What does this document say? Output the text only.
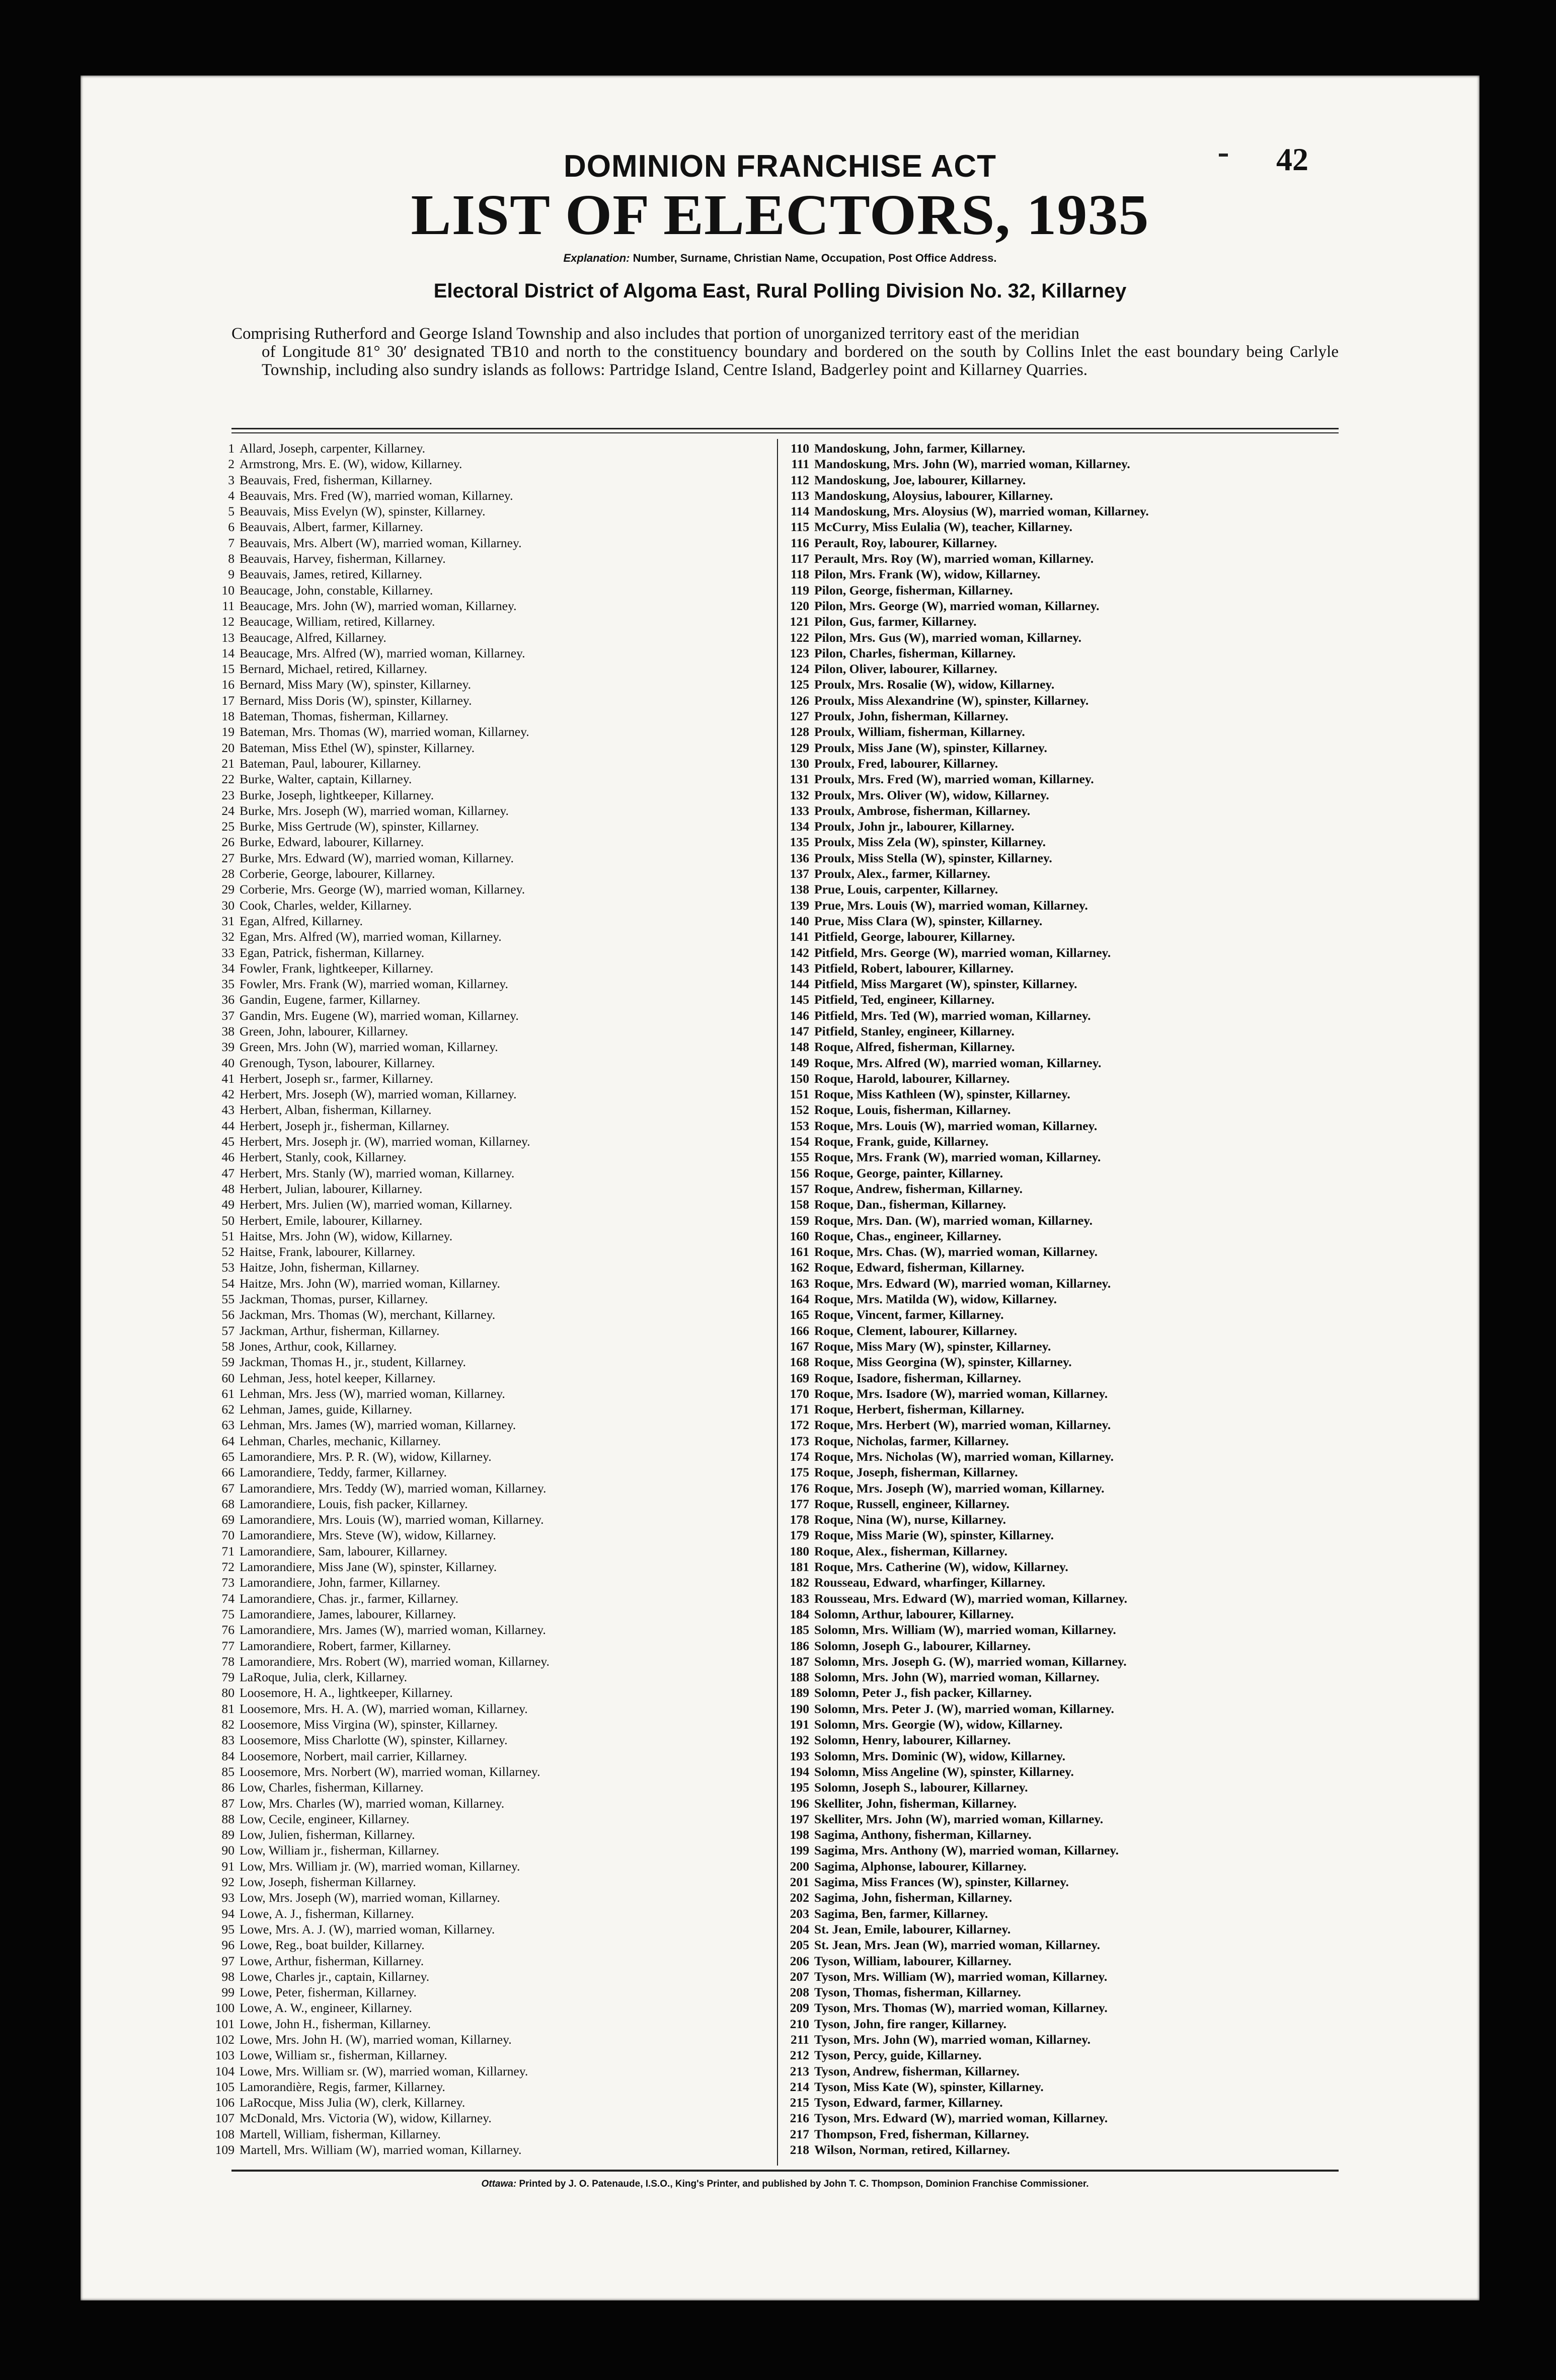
42

DOMINION FRANCHISE ACT

LIST OF ELECTORS, 1935

Explanation: Number, Surname, Christian Name, Occupation, Post Office Address.

Electoral District of Algoma East, Rural Polling Division No. 32, Killarney

Comprising Rutherford and George Island Township and also includes that portion of unorganized territory east of the meridian
of Longitude 81° 30′ designated TB10 and north to the constituency boundary and bordered on the south by Collins Inlet the east boundary being Carlyle Township, including also sundry islands as follows: Partridge Island, Centre Island, Badgerley point and Killarney Quarries.
1 Allard, Joseph, carpenter, Killarney.
2 Armstrong, Mrs. E. (W), widow, Killarney.
3 Beauvais, Fred, fisherman, Killarney.
4 Beauvais, Mrs. Fred (W), married woman, Killarney.
5 Beauvais, Miss Evelyn (W), spinster, Killarney.
6 Beauvais, Albert, farmer, Killarney.
7 Beauvais, Mrs. Albert (W), married woman, Killarney.
8 Beauvais, Harvey, fisherman, Killarney.
9 Beauvais, James, retired, Killarney.
10 Beaucage, John, constable, Killarney.
11 Beaucage, Mrs. John (W), married woman, Killarney.
12 Beaucage, William, retired, Killarney.
13 Beaucage, Alfred, Killarney.
14 Beaucage, Mrs. Alfred (W), married woman, Killarney.
15 Bernard, Michael, retired, Killarney.
16 Bernard, Miss Mary (W), spinster, Killarney.
17 Bernard, Miss Doris (W), spinster, Killarney.
18 Bateman, Thomas, fisherman, Killarney.
19 Bateman, Mrs. Thomas (W), married woman, Killarney.
20 Bateman, Miss Ethel (W), spinster, Killarney.
21 Bateman, Paul, labourer, Killarney.
22 Burke, Walter, captain, Killarney.
23 Burke, Joseph, lightkeeper, Killarney.
24 Burke, Mrs. Joseph (W), married woman, Killarney.
25 Burke, Miss Gertrude (W), spinster, Killarney.
26 Burke, Edward, labourer, Killarney.
27 Burke, Mrs. Edward (W), married woman, Killarney.
28 Corberie, George, labourer, Killarney.
29 Corberie, Mrs. George (W), married woman, Killarney.
30 Cook, Charles, welder, Killarney.
31 Egan, Alfred, Killarney.
32 Egan, Mrs. Alfred (W), married woman, Killarney.
33 Egan, Patrick, fisherman, Killarney.
34 Fowler, Frank, lightkeeper, Killarney.
35 Fowler, Mrs. Frank (W), married woman, Killarney.
36 Gandin, Eugene, farmer, Killarney.
37 Gandin, Mrs. Eugene (W), married woman, Killarney.
38 Green, John, labourer, Killarney.
39 Green, Mrs. John (W), married woman, Killarney.
40 Grenough, Tyson, labourer, Killarney.
41 Herbert, Joseph sr., farmer, Killarney.
42 Herbert, Mrs. Joseph (W), married woman, Killarney.
43 Herbert, Alban, fisherman, Killarney.
44 Herbert, Joseph jr., fisherman, Killarney.
45 Herbert, Mrs. Joseph jr. (W), married woman, Killarney.
46 Herbert, Stanly, cook, Killarney.
47 Herbert, Mrs. Stanly (W), married woman, Killarney.
48 Herbert, Julian, labourer, Killarney.
49 Herbert, Mrs. Julien (W), married woman, Killarney.
50 Herbert, Emile, labourer, Killarney.
51 Haitse, Mrs. John (W), widow, Killarney.
52 Haitse, Frank, labourer, Killarney.
53 Haitze, John, fisherman, Killarney.
54 Haitze, Mrs. John (W), married woman, Killarney.
55 Jackman, Thomas, purser, Killarney.
56 Jackman, Mrs. Thomas (W), merchant, Killarney.
57 Jackman, Arthur, fisherman, Killarney.
58 Jones, Arthur, cook, Killarney.
59 Jackman, Thomas H., jr., student, Killarney.
60 Lehman, Jess, hotel keeper, Killarney.
61 Lehman, Mrs. Jess (W), married woman, Killarney.
62 Lehman, James, guide, Killarney.
63 Lehman, Mrs. James (W), married woman, Killarney.
64 Lehman, Charles, mechanic, Killarney.
65 Lamorandiere, Mrs. P. R. (W), widow, Killarney.
66 Lamorandiere, Teddy, farmer, Killarney.
67 Lamorandiere, Mrs. Teddy (W), married woman, Killarney.
68 Lamorandiere, Louis, fish packer, Killarney.
69 Lamorandiere, Mrs. Louis (W), married woman, Killarney.
70 Lamorandiere, Mrs. Steve (W), widow, Killarney.
71 Lamorandiere, Sam, labourer, Killarney.
72 Lamorandiere, Miss Jane (W), spinster, Killarney.
73 Lamorandiere, John, farmer, Killarney.
74 Lamorandiere, Chas. jr., farmer, Killarney.
75 Lamorandiere, James, labourer, Killarney.
76 Lamorandiere, Mrs. James (W), married woman, Killarney.
77 Lamorandiere, Robert, farmer, Killarney.
78 Lamorandiere, Mrs. Robert (W), married woman, Killarney.
79 LaRoque, Julia, clerk, Killarney.
80 Loosemore, H. A., lightkeeper, Killarney.
81 Loosemore, Mrs. H. A. (W), married woman, Killarney.
82 Loosemore, Miss Virgina (W), spinster, Killarney.
83 Loosemore, Miss Charlotte (W), spinster, Killarney.
84 Loosemore, Norbert, mail carrier, Killarney.
85 Loosemore, Mrs. Norbert (W), married woman, Killarney.
86 Low, Charles, fisherman, Killarney.
87 Low, Mrs. Charles (W), married woman, Killarney.
88 Low, Cecile, engineer, Killarney.
89 Low, Julien, fisherman, Killarney.
90 Low, William jr., fisherman, Killarney.
91 Low, Mrs. William jr. (W), married woman, Killarney.
92 Low, Joseph, fisherman Killarney.
93 Low, Mrs. Joseph (W), married woman, Killarney.
94 Lowe, A. J., fisherman, Killarney.
95 Lowe, Mrs. A. J. (W), married woman, Killarney.
96 Lowe, Reg., boat builder, Killarney.
97 Lowe, Arthur, fisherman, Killarney.
98 Lowe, Charles jr., captain, Killarney.
99 Lowe, Peter, fisherman, Killarney.
100 Lowe, A. W., engineer, Killarney.
101 Lowe, John H., fisherman, Killarney.
102 Lowe, Mrs. John H. (W), married woman, Killarney.
103 Lowe, William sr., fisherman, Killarney.
104 Lowe, Mrs. William sr. (W), married woman, Killarney.
105 Lamorandière, Regis, farmer, Killarney.
106 LaRocque, Miss Julia (W), clerk, Killarney.
107 McDonald, Mrs. Victoria (W), widow, Killarney.
108 Martell, William, fisherman, Killarney.
109 Martell, Mrs. William (W), married woman, Killarney.
110 Mandoskung, John, farmer, Killarney.
111 Mandoskung, Mrs. John (W), married woman, Killarney.
112 Mandoskung, Joe, labourer, Killarney.
113 Mandoskung, Aloysius, labourer, Killarney.
114 Mandoskung, Mrs. Aloysius (W), married woman, Killarney.
115 McCurry, Miss Eulalia (W), teacher, Killarney.
116 Perault, Roy, labourer, Killarney.
117 Perault, Mrs. Roy (W), married woman, Killarney.
118 Pilon, Mrs. Frank (W), widow, Killarney.
119 Pilon, George, fisherman, Killarney.
120 Pilon, Mrs. George (W), married woman, Killarney.
121 Pilon, Gus, farmer, Killarney.
122 Pilon, Mrs. Gus (W), married woman, Killarney.
123 Pilon, Charles, fisherman, Killarney.
124 Pilon, Oliver, labourer, Killarney.
125 Proulx, Mrs. Rosalie (W), widow, Killarney.
126 Proulx, Miss Alexandrine (W), spinster, Killarney.
127 Proulx, John, fisherman, Killarney.
128 Proulx, William, fisherman, Killarney.
129 Proulx, Miss Jane (W), spinster, Killarney.
130 Proulx, Fred, labourer, Killarney.
131 Proulx, Mrs. Fred (W), married woman, Killarney.
132 Proulx, Mrs. Oliver (W), widow, Killarney.
133 Proulx, Ambrose, fisherman, Killarney.
134 Proulx, John jr., labourer, Killarney.
135 Proulx, Miss Zela (W), spinster, Killarney.
136 Proulx, Miss Stella (W), spinster, Killarney.
137 Proulx, Alex., farmer, Killarney.
138 Prue, Louis, carpenter, Killarney.
139 Prue, Mrs. Louis (W), married woman, Killarney.
140 Prue, Miss Clara (W), spinster, Killarney.
141 Pitfield, George, labourer, Killarney.
142 Pitfield, Mrs. George (W), married woman, Killarney.
143 Pitfield, Robert, labourer, Killarney.
144 Pitfield, Miss Margaret (W), spinster, Killarney.
145 Pitfield, Ted, engineer, Killarney.
146 Pitfield, Mrs. Ted (W), married woman, Killarney.
147 Pitfield, Stanley, engineer, Killarney.
148 Roque, Alfred, fisherman, Killarney.
149 Roque, Mrs. Alfred (W), married woman, Killarney.
150 Roque, Harold, labourer, Killarney.
151 Roque, Miss Kathleen (W), spinster, Killarney.
152 Roque, Louis, fisherman, Killarney.
153 Roque, Mrs. Louis (W), married woman, Killarney.
154 Roque, Frank, guide, Killarney.
155 Roque, Mrs. Frank (W), married woman, Killarney.
156 Roque, George, painter, Killarney.
157 Roque, Andrew, fisherman, Killarney.
158 Roque, Dan., fisherman, Killarney.
159 Roque, Mrs. Dan. (W), married woman, Killarney.
160 Roque, Chas., engineer, Killarney.
161 Roque, Mrs. Chas. (W), married woman, Killarney.
162 Roque, Edward, fisherman, Killarney.
163 Roque, Mrs. Edward (W), married woman, Killarney.
164 Roque, Mrs. Matilda (W), widow, Killarney.
165 Roque, Vincent, farmer, Killarney.
166 Roque, Clement, labourer, Killarney.
167 Roque, Miss Mary (W), spinster, Killarney.
168 Roque, Miss Georgina (W), spinster, Killarney.
169 Roque, Isadore, fisherman, Killarney.
170 Roque, Mrs. Isadore (W), married woman, Killarney.
171 Roque, Herbert, fisherman, Killarney.
172 Roque, Mrs. Herbert (W), married woman, Killarney.
173 Roque, Nicholas, farmer, Killarney.
174 Roque, Mrs. Nicholas (W), married woman, Killarney.
175 Roque, Joseph, fisherman, Killarney.
176 Roque, Mrs. Joseph (W), married woman, Killarney.
177 Roque, Russell, engineer, Killarney.
178 Roque, Nina (W), nurse, Killarney.
179 Roque, Miss Marie (W), spinster, Killarney.
180 Roque, Alex., fisherman, Killarney.
181 Roque, Mrs. Catherine (W), widow, Killarney.
182 Rousseau, Edward, wharfinger, Killarney.
183 Rousseau, Mrs. Edward (W), married woman, Killarney.
184 Solomn, Arthur, labourer, Killarney.
185 Solomn, Mrs. William (W), married woman, Killarney.
186 Solomn, Joseph G., labourer, Killarney.
187 Solomn, Mrs. Joseph G. (W), married woman, Killarney.
188 Solomn, Mrs. John (W), married woman, Killarney.
189 Solomn, Peter J., fish packer, Killarney.
190 Solomn, Mrs. Peter J. (W), married woman, Killarney.
191 Solomn, Mrs. Georgie (W), widow, Killarney.
192 Solomn, Henry, labourer, Killarney.
193 Solomn, Mrs. Dominic (W), widow, Killarney.
194 Solomn, Miss Angeline (W), spinster, Killarney.
195 Solomn, Joseph S., labourer, Killarney.
196 Skelliter, John, fisherman, Killarney.
197 Skelliter, Mrs. John (W), married woman, Killarney.
198 Sagima, Anthony, fisherman, Killarney.
199 Sagima, Mrs. Anthony (W), married woman, Killarney.
200 Sagima, Alphonse, labourer, Killarney.
201 Sagima, Miss Frances (W), spinster, Killarney.
202 Sagima, John, fisherman, Killarney.
203 Sagima, Ben, farmer, Killarney.
204 St. Jean, Emile, labourer, Killarney.
205 St. Jean, Mrs. Jean (W), married woman, Killarney.
206 Tyson, William, labourer, Killarney.
207 Tyson, Mrs. William (W), married woman, Killarney.
208 Tyson, Thomas, fisherman, Killarney.
209 Tyson, Mrs. Thomas (W), married woman, Killarney.
210 Tyson, John, fire ranger, Killarney.
211 Tyson, Mrs. John (W), married woman, Killarney.
212 Tyson, Percy, guide, Killarney.
213 Tyson, Andrew, fisherman, Killarney.
214 Tyson, Miss Kate (W), spinster, Killarney.
215 Tyson, Edward, farmer, Killarney.
216 Tyson, Mrs. Edward (W), married woman, Killarney.
217 Thompson, Fred, fisherman, Killarney.
218 Wilson, Norman, retired, Killarney.
Ottawa: Printed by J. O. Patenaude, I.S.O., King's Printer, and published by John T. C. Thompson, Dominion Franchise Commissioner.
